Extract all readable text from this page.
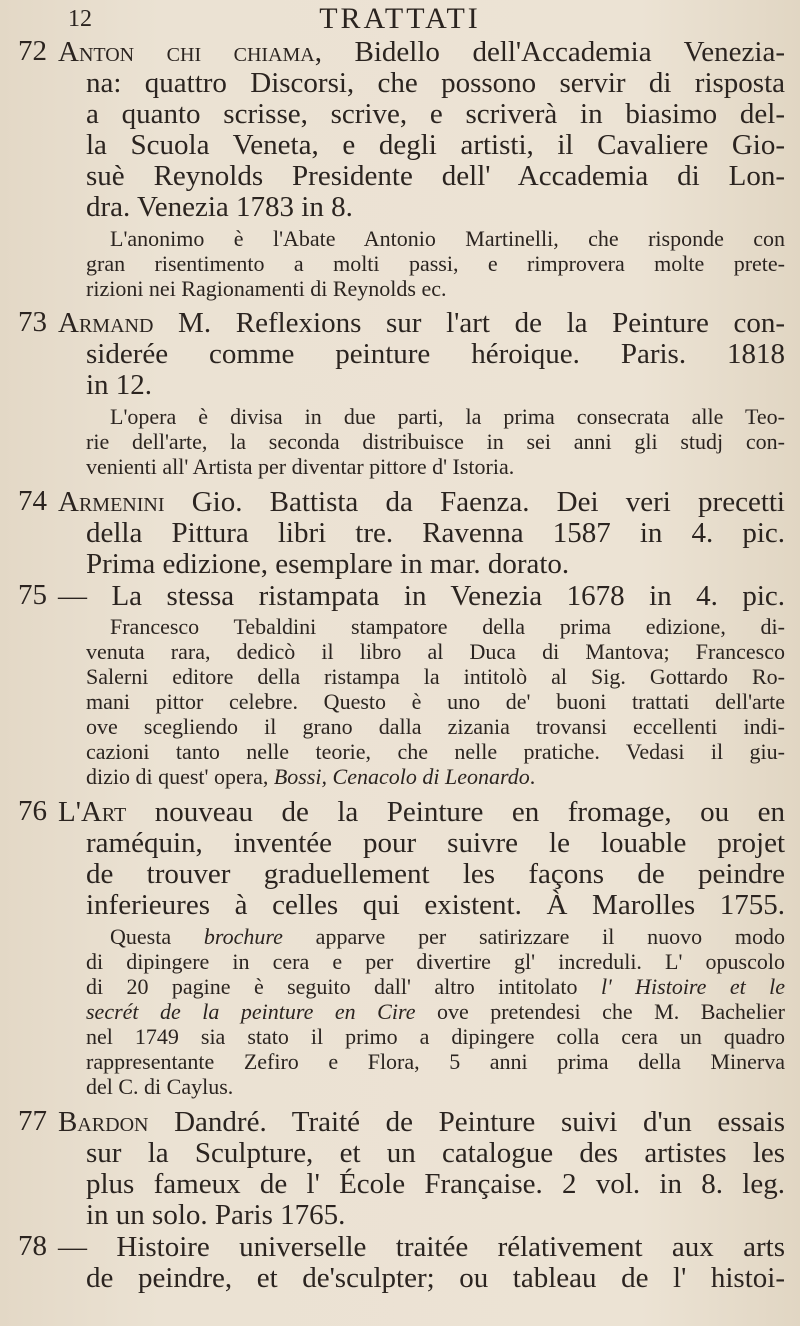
12	TRATTATI
72 Anton chi chiama, Bidello dell'Accademia Venezia-
na: quattro Discorsi, che possono servir di risposta
a quanto scrisse, scrive, e scriverà in biasimo del-
la Scuola Veneta, e degli artisti, il Cavaliere Gio-
suè Reynolds Presidente dell' Accademia di Lon-
dra. Venezia 1783 in 8.
L'anonimo è l'Abate Antonio Martinelli, che risponde con
gran risentimento a molti passi, e rimprovera molte prete-
rizioni nei Ragionamenti di Reynolds ec.
73 Armand M. Reflexions sur l'art de la Peinture con-
siderée comme peinture héroique. Paris. 1818
in 12.
L'opera è divisa in due parti, la prima consecrata alle Teo-
rie dell'arte, la seconda distribuisce in sei anni gli studj con-
venienti all' Artista per diventar pittore d' Istoria.
74 Armenini Gio. Battista da Faenza. Dei veri precetti
della Pittura libri tre. Ravenna 1587 in 4. pic.
Prima edizione, esemplare in mar. dorato.
75 — La stessa ristampata in Venezia 1678 in 4. pic.
Francesco Tebaldini stampatore della prima edizione, di-
venuta rara, dedicò il libro al Duca di Mantova; Francesco
Salerni editore della ristampa la intitolò al Sig. Gottardo Ro-
mani pittor celebre. Questo è uno de' buoni trattati dell'arte
ove scegliendo il grano dalla zizania trovansi eccellenti indi-
cazioni tanto nelle teorie, che nelle pratiche. Vedasi il giu-
dizio di quest' opera, Bossi, Cenacolo di Leonardo.
76 L'Art nouveau de la Peinture en fromage, ou en
raméquin, inventée pour suivre le louable projet
de trouver graduellement les façons de peindre
inferieures à celles qui existent. À Marolles 1755.
Questa brochure apparve per satirizzare il nuovo modo
di dipingere in cera e per divertire gl' increduli. L' opuscolo
di 20 pagine è seguito dall' altro intitolato l' Histoire et le
secrét de la peinture en Cire ove pretendesi che M. Bachelier
nel 1749 sia stato il primo a dipingere colla cera un quadro
rappresentante Zefiro e Flora, 5 anni prima della Minerva
del C. di Caylus.
77 Bardon Dandré. Traité de Peinture suivi d'un essais
sur la Sculpture, et un catalogue des artistes les
plus fameux de l' École Française. 2 vol. in 8. leg.
in un solo. Paris 1765.
78 — Histoire universelle traitée rélativement aux arts
de peindre, et de'sculpter; ou tableau de l' histoi-
